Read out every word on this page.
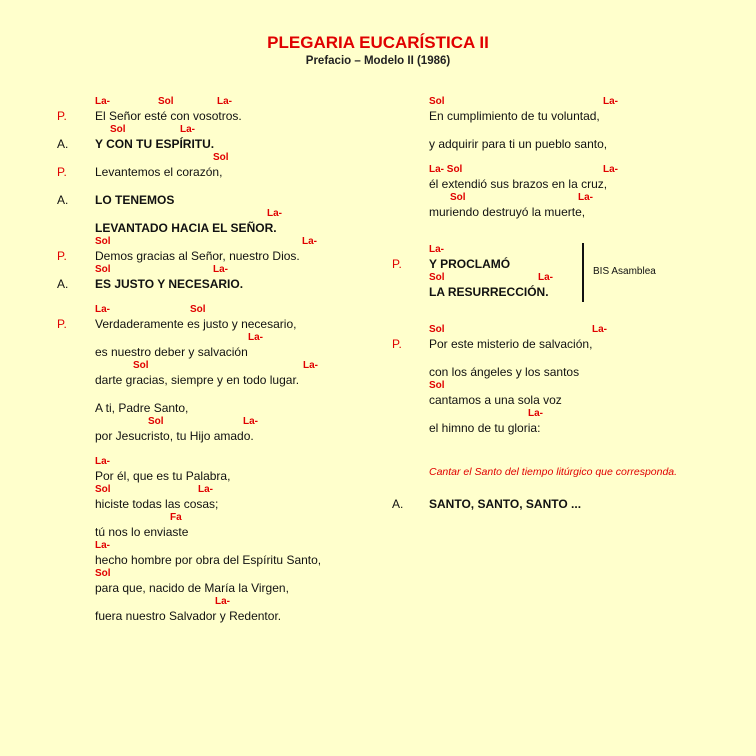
PLEGARIA EUCARÍSTICA II
Prefacio – Modelo II (1986)
La-	Sol	La-
P. El Señor esté con vosotros.
Sol	La-
A. Y CON TU ESPÍRITU.
Sol
P. Levantemos el corazón,
A. LO TENEMOS
La-
LEVANTADO HACIA EL SEÑOR.
Sol	La-
P. Demos gracias al Señor, nuestro Dios.
Sol	La-
A. ES JUSTO Y NECESARIO.
La-	Sol
P. Verdaderamente es justo y necesario,
La-
es nuestro deber y salvación
Sol	La-
darte gracias, siempre y en todo lugar.
A ti, Padre Santo,
Sol	La-
por Jesucristo, tu Hijo amado.
La-
Por él, que es tu Palabra,
Sol	La-
hiciste todas las cosas;
Fa
tú nos lo enviaste
La-
hecho hombre por obra del Espíritu Santo,
Sol
para que, nacido de María la Virgen,
La-
fuera nuestro Salvador y Redentor.
Sol	La-
En cumplimiento de tu voluntad,
y adquirir para ti un pueblo santo,
La- Sol	La-
él extendió sus brazos en la cruz,
Sol	La-
muriendo destruyó la muerte,
La-
P. Y PROCLAMÓ
Sol	La-
LA RESURRECCIÓN.
BIS Asamblea
Sol	La-
P. Por este misterio de salvación,
con los ángeles y los santos
Sol
cantamos a una sola voz
La-
el himno de tu gloria:
Cantar el Santo del tiempo litúrgico que corresponda.
A. SANTO, SANTO, SANTO ...
